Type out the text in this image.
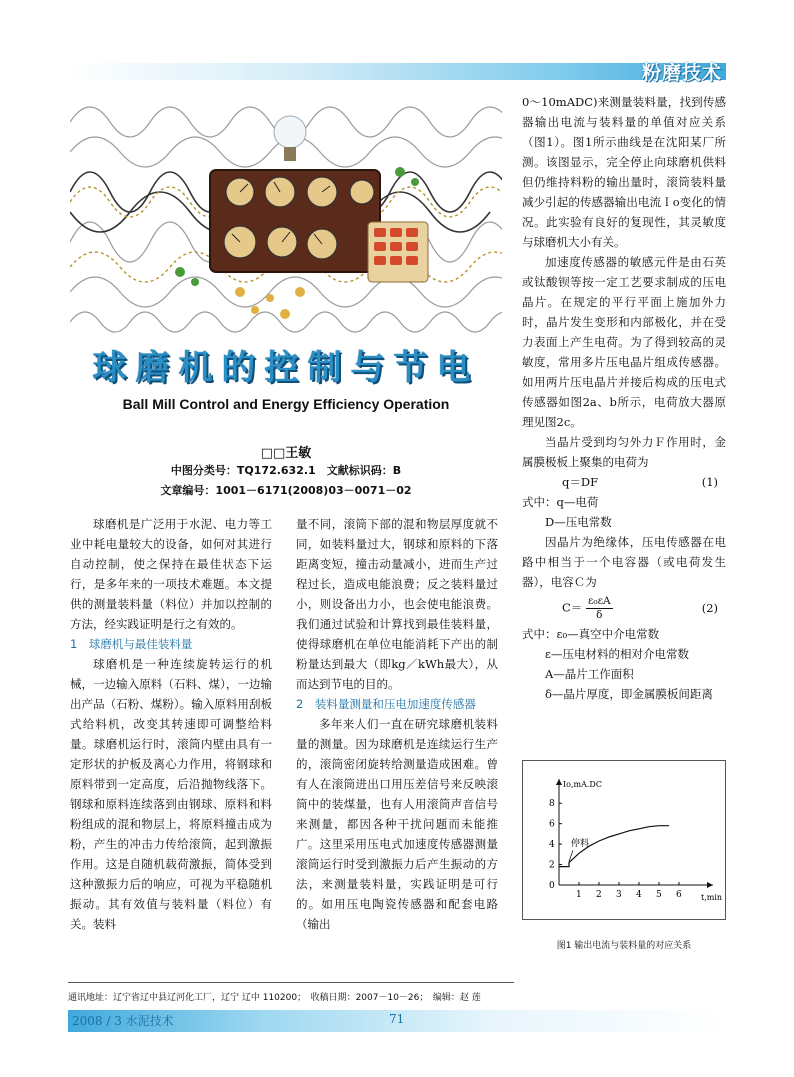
粉磨技术
球磨机的控制与节电
Ball Mill Control and Energy Efficiency Operation
□□王敏
中图分类号：TQ172.632.1　文献标识码：B
文章编号：1001－6171(2008)03－0071－02

球磨机是广泛用于水泥、电力等工业中耗电量较大的设备，如何对其进行自动控制，使之保持在最佳状态下运行，是多年来的一项技术难题。本文提供的测量装料量（料位）并加以控制的方法，经实践证明是行之有效的。

1　球磨机与最佳装料量

球磨机是一种连续旋转运行的机械，一边输入原料（石料、煤），一边输出产品（石粉、煤粉）。输入原料用刮板式给料机，改变其转速即可调整给料量。球磨机运行时，滚筒内壁由具有一定形状的护板及离心力作用，将钢球和原料带到一定高度，后沿抛物线落下。钢球和原料连续落到由钢球、原料和料粉组成的混和物层上，将原料撞击成为粉，产生的冲击力传给滚筒，起到激振作用。这是自随机载荷激振，简体受到这种激振力后的响应，可视为平稳随机振动。其有效值与装料量（料位）有关。装料

量不同，滚筒下部的混和物层厚度就不同，如装料量过大，钢球和原料的下落距离变短，撞击动量减小，进而生产过程过长，造成电能浪费；反之装料量过小，则设备出力小，也会使电能浪费。我们通过试验和计算找到最佳装料量，使得球磨机在单位电能消耗下产出的制粉量达到最大（即kg／kWh最大），从而达到节电的目的。

2　装料量测量和压电加速度传感器

多年来人们一直在研究球磨机装料量的测量。因为球磨机是连续运行生产的，滚筒密闭旋转给测量造成困难。曾有人在滚筒进出口用压差信号来反映滚筒中的装煤量，也有人用滚筒声音信号来测量，都因各种干扰问题而未能推广。这里采用压电式加速度传感器测量滚筒运行时受到激振力后产生振动的方法，来测量装料量，实践证明是可行的。如用压电陶瓷传感器和配套电路（输出

0～10mADC)来测量装料量，找到传感器输出电流与装料量的单值对应关系（图1）。图1所示曲线是在沈阳某厂所测。该图显示，完全停止向球磨机供料但仍维持料粉的输出量时，滚筒装料量减少引起的传感器输出电流Ｉo变化的情况。此实验有良好的复现性，其灵敏度与球磨机大小有关。

加速度传感器的敏感元件是由石英或钛酸钡等按一定工艺要求制成的压电晶片。在规定的平行平面上施加外力时，晶片发生变形和内部极化，并在受力表面上产生电荷。为了得到较高的灵敏度，常用多片压电晶片组成传感器。如用两片压电晶片并接后构成的压电式传感器如图2a、b所示，电荷放大器原理见图2c。

当晶片受到均匀外力Ｆ作用时，金属膜极板上聚集的电荷为

q＝DF	(1)

式中：q—电荷

D—压电常数

因晶片为绝缘体，压电传感器在电路中相当于一个电容器（或电荷发生器），电容Ｃ为

$C= \frac{\text{ε₀εA}}{\delta}$	(2)

式中：ε₀—真空中介电常数

ε—压电材料的相对介电常数

A—晶片工作面积

δ—晶片厚度，即金属膜板间距离

Io,mA.DC
t,min
1 2 3 4 5 6
0
2
4
6
8
停料
图1 输出电流与装料量的对应关系
通讯地址：辽宁省辽中县辽河化工厂，辽宁 辽中 110200；　收稿日期：2007－10－26；　编辑：赵 莲
2008 / 3 水泥技术	71
